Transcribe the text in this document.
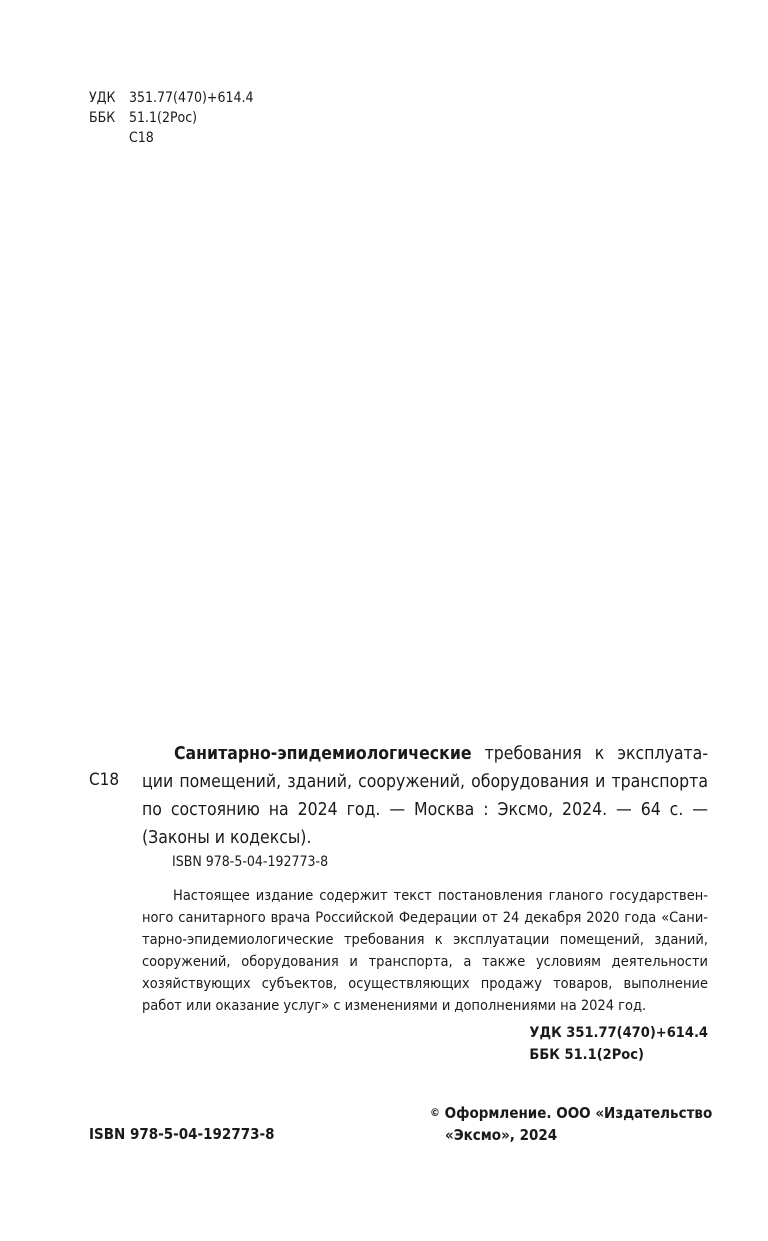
УДК 351.77(470)+614.4
ББК 51.1(2Рос)
С18
С18
Санитарно-эпидемиологические требования к эксплуата-
ции помещений, зданий, сооружений, оборудования и транспорта
по состоянию на 2024 год. — Москва : Эксмо, 2024. — 64 с. —
(Законы и кодексы).
ISBN 978-5-04-192773-8
Настоящее издание содержит текст постановления гланого государствен-
ного санитарного врача Российской Федерации от 24 декабря 2020 года «Сани-
тарно-эпидемиологические требования к эксплуатации помещений, зданий,
сооружений, оборудования и транспорта, а также условиям деятельности
хозяйствующих субъектов, осуществляющих продажу товаров, выполнение
работ или оказание услуг» с изменениями и дополнениями на 2024 год.
УДК 351.77(470)+614.4
ББК 51.1(2Рос)
ISBN 978-5-04-192773-8
© Оформление. ООО «Издательство
«Эксмо», 2024
